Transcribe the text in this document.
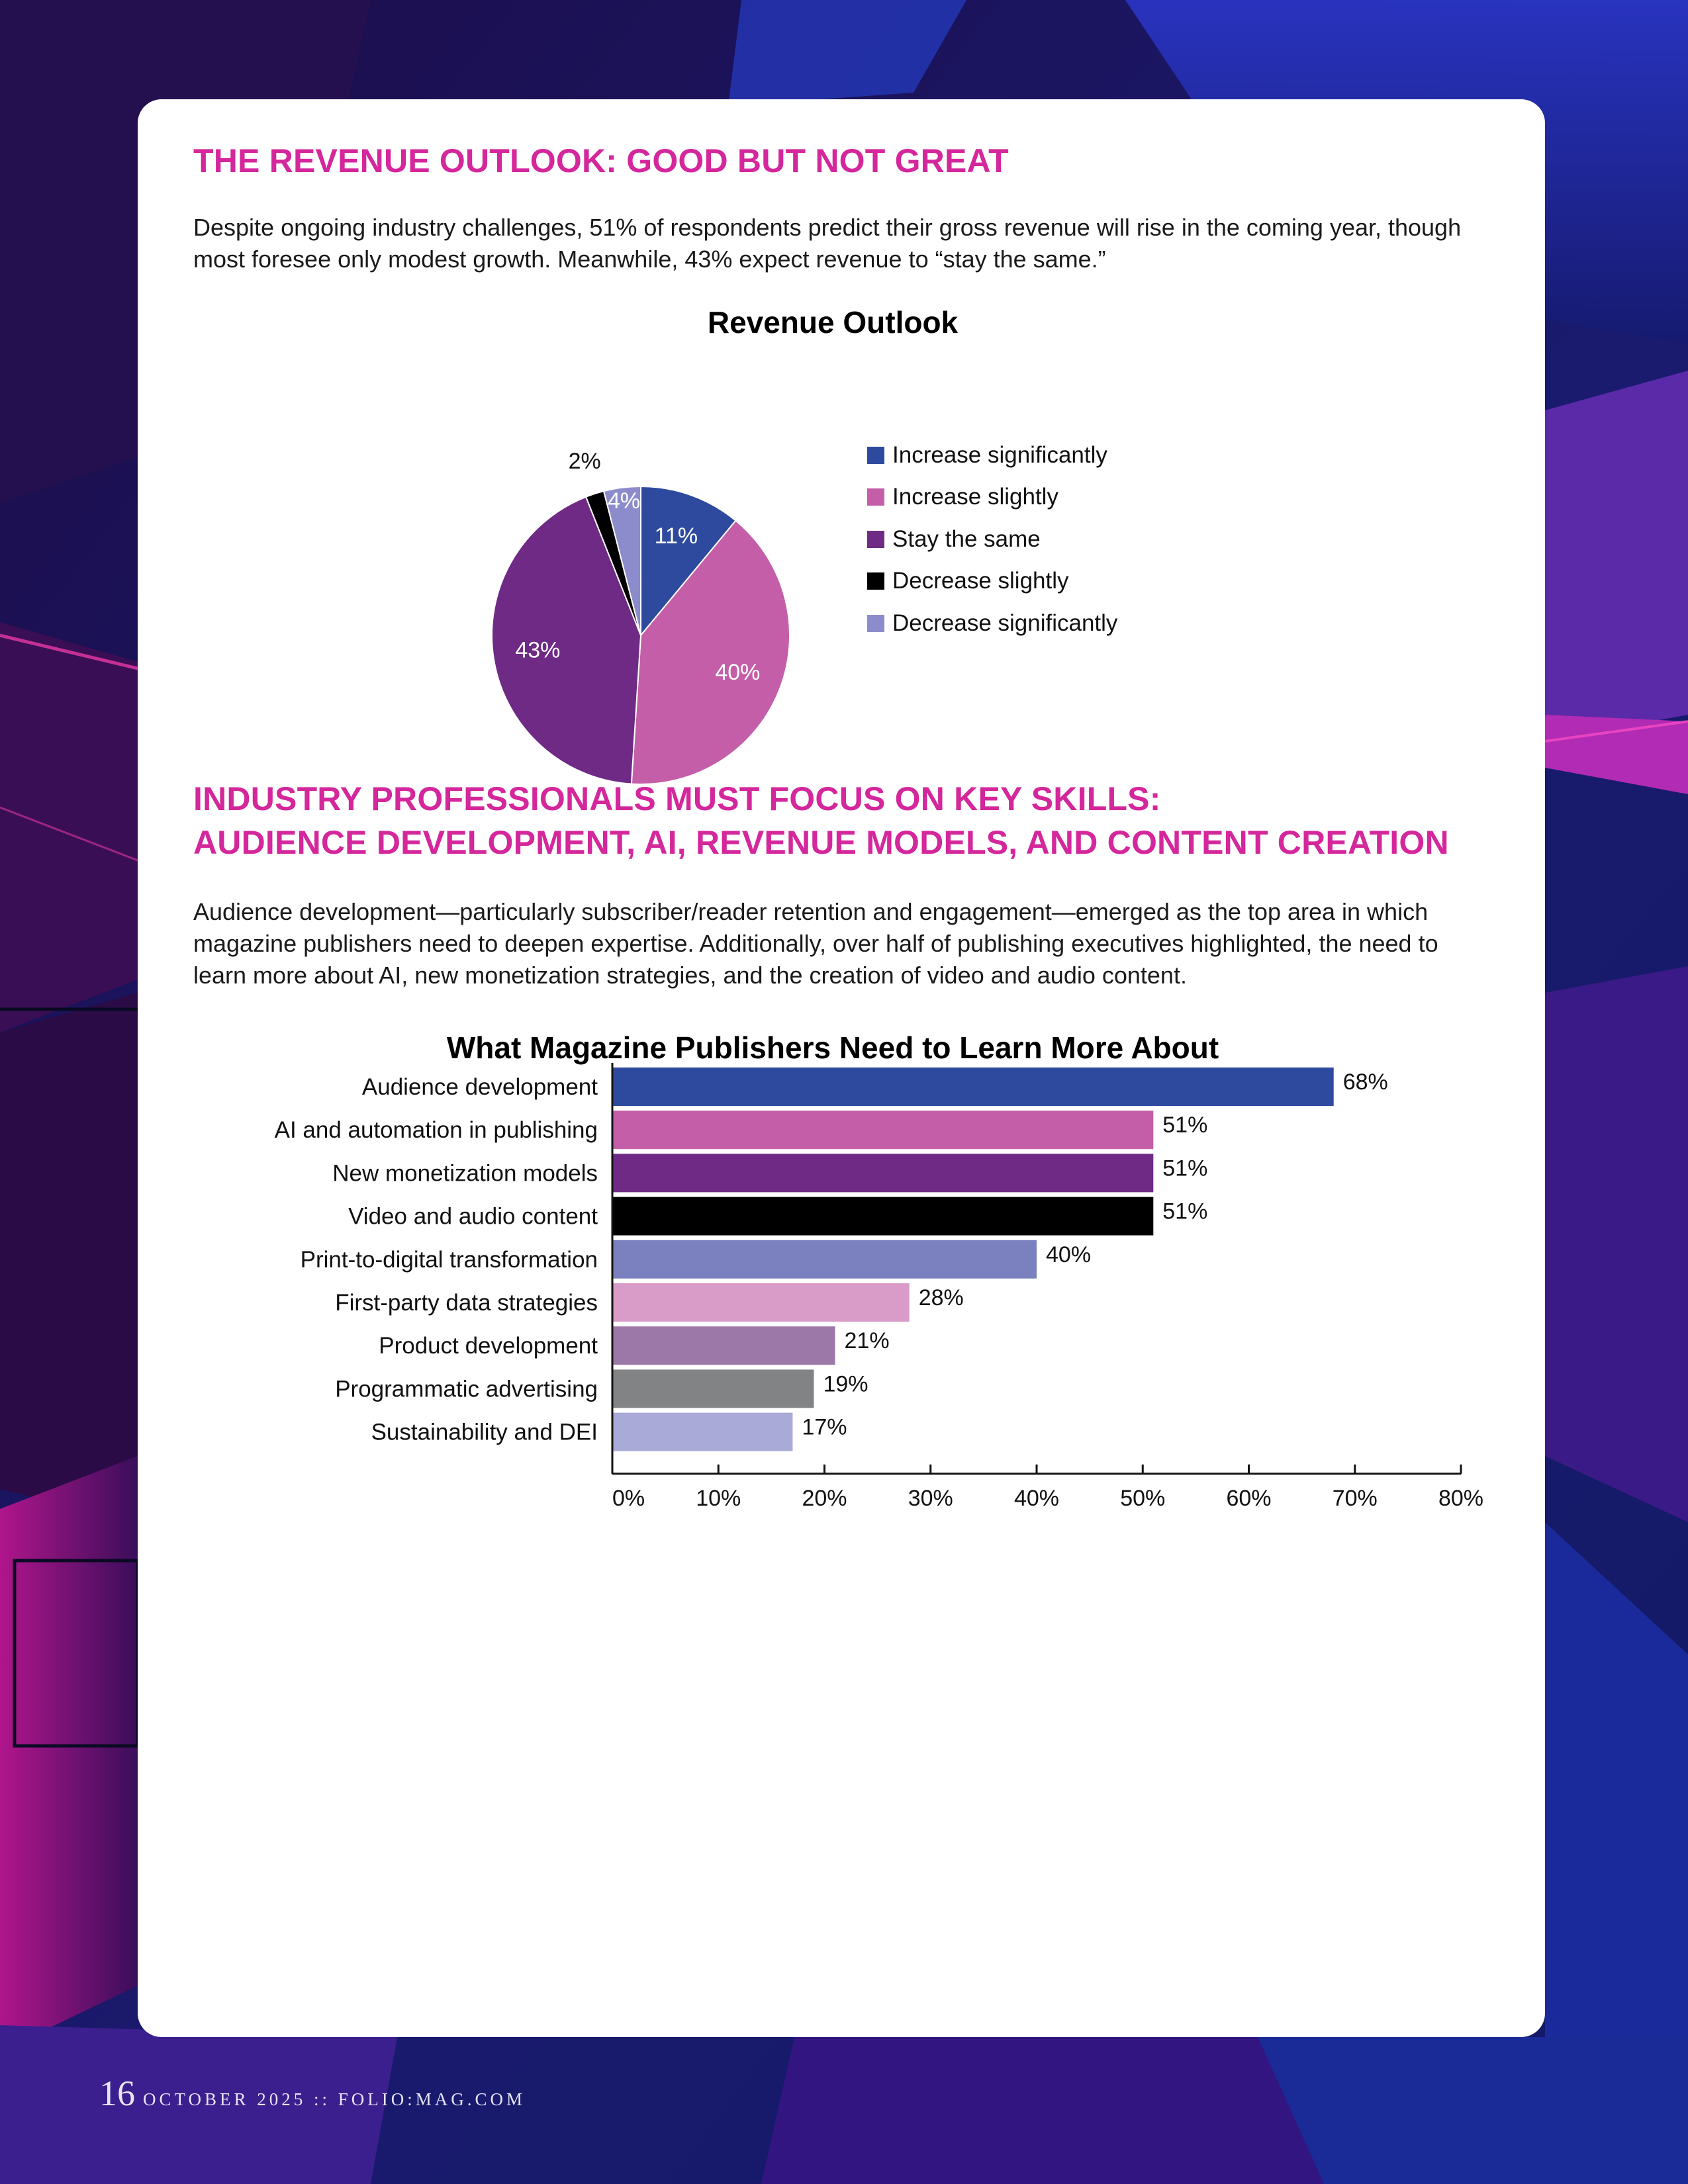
THE REVENUE OUTLOOK: GOOD BUT NOT GREAT

Despite ongoing industry challenges, 51% of respondents predict their gross revenue will rise in the coming year, though most foresee only modest growth. Meanwhile, 43% expect revenue to “stay the same.”

Revenue Outlook
11%
40%
43%
2%
4%
Increase significantly
Increase slightly
Stay the same
Decrease slightly
Decrease significantly
INDUSTRY PROFESSIONALS MUST FOCUS ON KEY SKILLS:
AUDIENCE DEVELOPMENT, AI, REVENUE MODELS, AND CONTENT CREATION

Audience development—particularly subscriber/reader retention and engagement—emerged as the top area in which magazine publishers need to deepen expertise. Additionally, over half of publishing executives highlighted, the need to learn more about AI, new monetization strategies, and the creation of video and audio content.

What Magazine Publishers Need to Learn More About
Audience development	68%
AI and automation in publishing	51%
New monetization models	51%
Video and audio content	51%
Print-to-digital transformation	40%
First-party data strategies	28%
Product development	21%
Programmatic advertising	19%
Sustainability and DEI	17%
0% 10%	20%	30%	40%	50%	60%	70%	80%
16 OCTOBER 2025 :: FOLIO:MAG.COM
